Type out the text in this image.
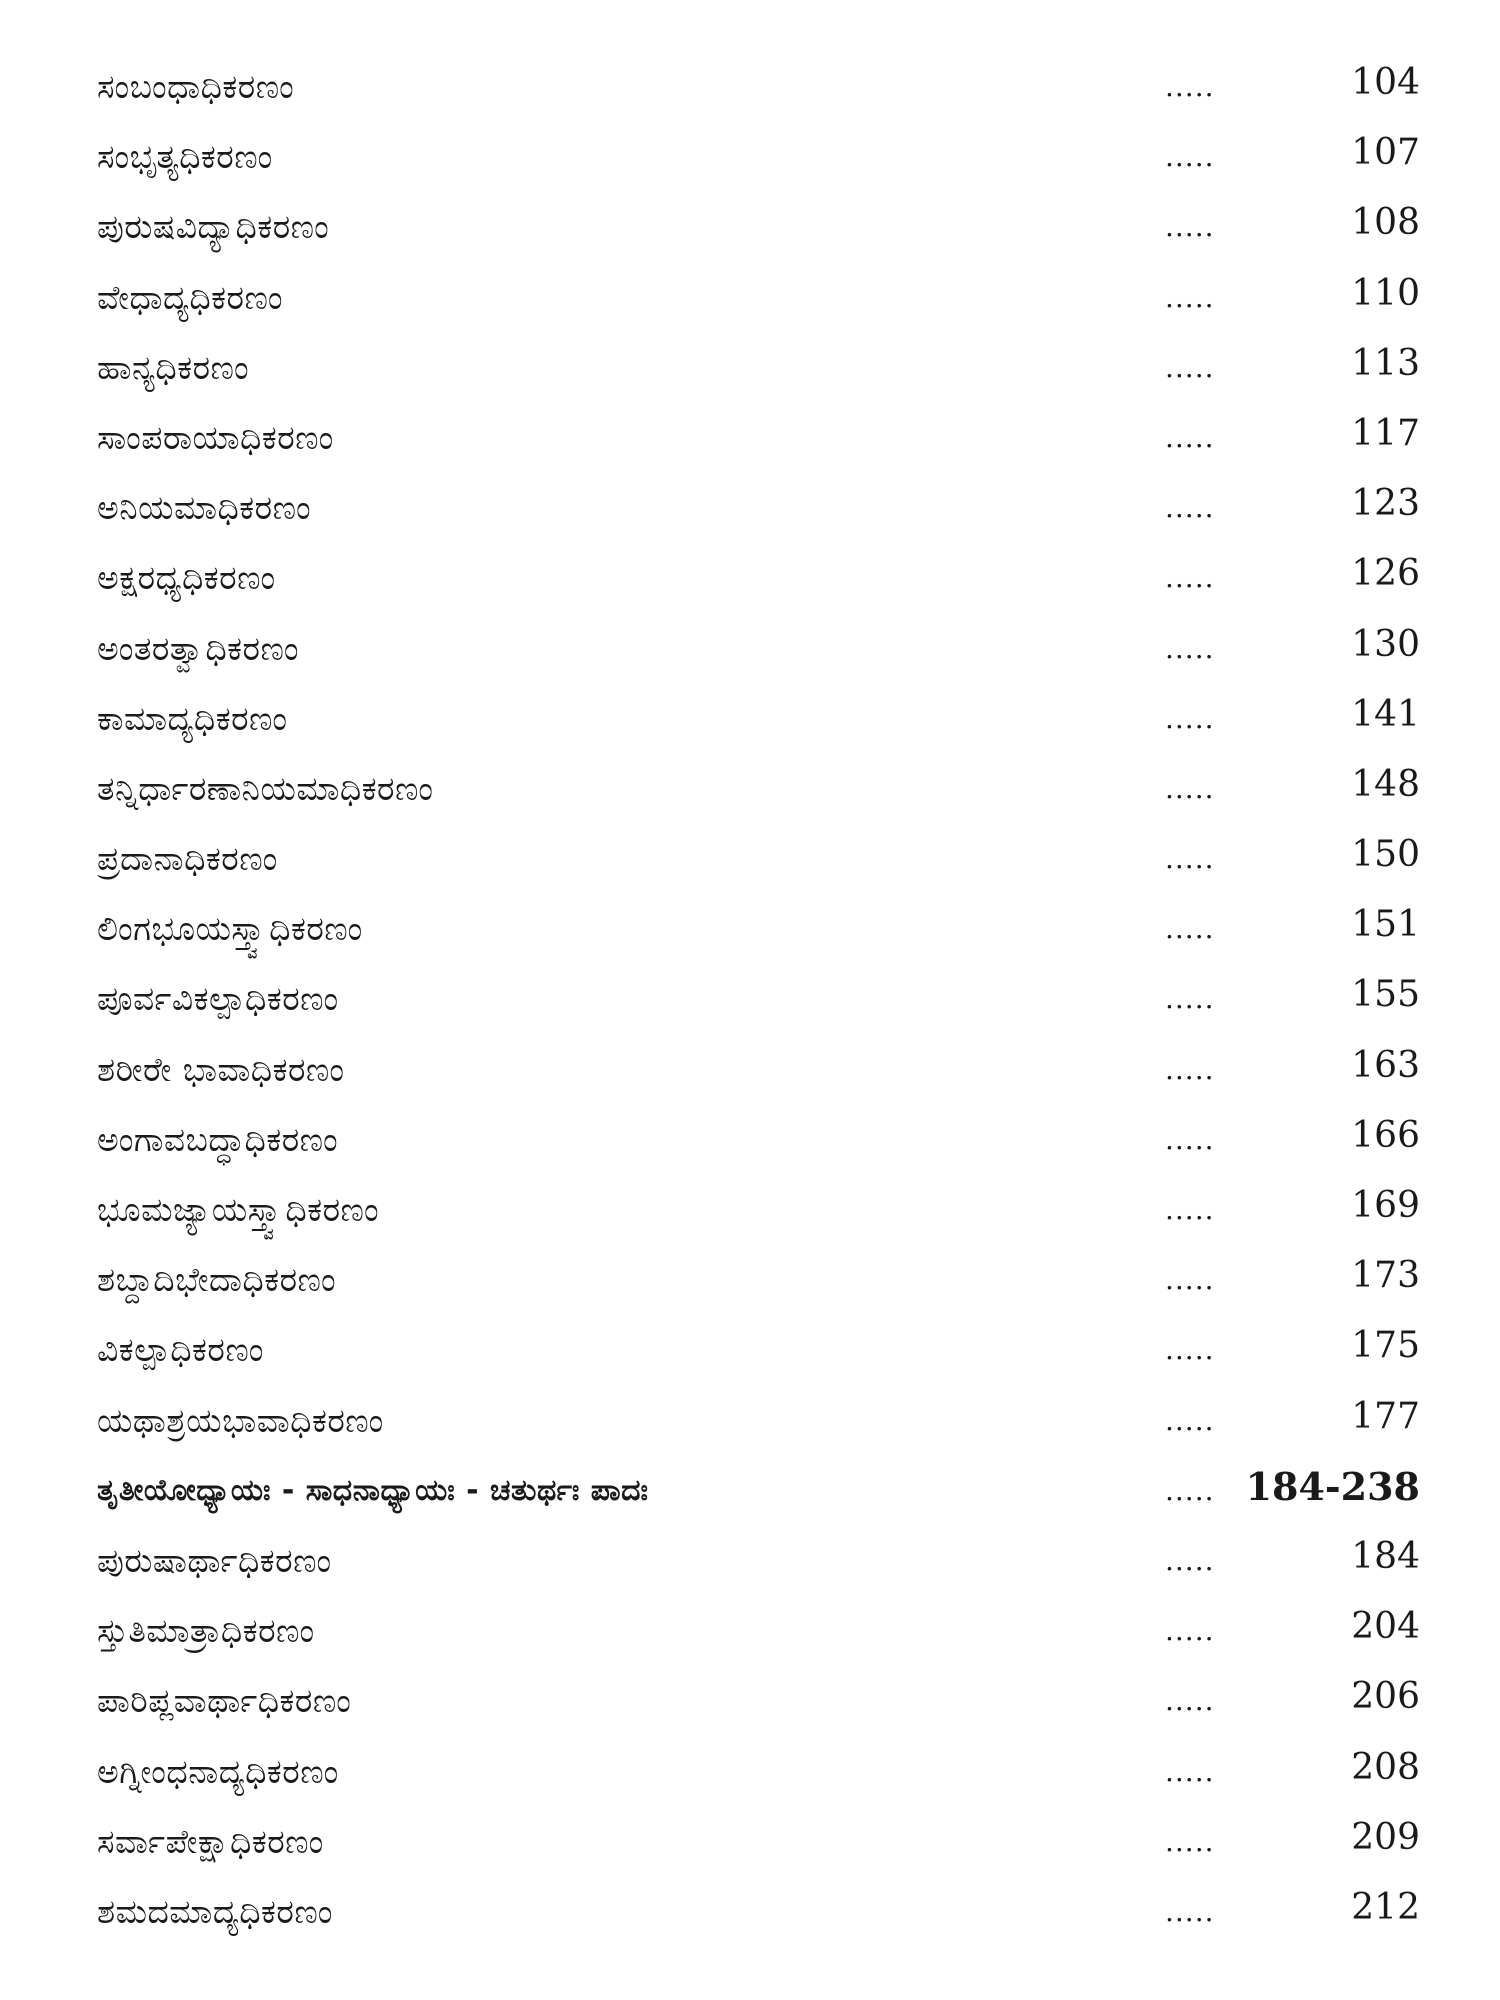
ಸಂಬಂಧಾಧಿಕರಣಂ	.....	104
ಸಂಭೃತ್ಯಧಿಕರಣಂ	.....	107
ಪುರುಷವಿದ್ಯಾಧಿಕರಣಂ	.....	108
ವೇಧಾದ್ಯಧಿಕರಣಂ	.....	110
ಹಾನ್ಯಧಿಕರಣಂ	.....	113
ಸಾಂಪರಾಯಾಧಿಕರಣಂ	.....	117
ಅನಿಯಮಾಧಿಕರಣಂ	.....	123
ಅಕ್ಷರಧ್ಯಧಿಕರಣಂ	.....	126
ಅಂತರತ್ವಾಧಿಕರಣಂ	.....	130
ಕಾಮಾದ್ಯಧಿಕರಣಂ	.....	141
ತನ್ನಿರ್ಧಾರಣಾನಿಯಮಾಧಿಕರಣಂ	.....	148
ಪ್ರದಾನಾಧಿಕರಣಂ	.....	150
ಲಿಂಗಭೂಯಸ್ತ್ವಾಧಿಕರಣಂ	.....	151
ಪೂರ್ವವಿಕಲ್ಪಾಧಿಕರಣಂ	.....	155
ಶರೀರೇ ಭಾವಾಧಿಕರಣಂ	.....	163
ಅಂಗಾವಬದ್ಧಾಧಿಕರಣಂ	.....	166
ಭೂಮಜ್ಯಾಯಸ್ತ್ವಾಧಿಕರಣಂ	.....	169
ಶಬ್ದಾದಿಭೇದಾಧಿಕರಣಂ	.....	173
ವಿಕಲ್ಪಾಧಿಕರಣಂ	.....	175
ಯಥಾಶ್ರಯಭಾವಾಧಿಕರಣಂ	.....	177
ತೃತೀಯೋಧ್ಯಾಯಃ - ಸಾಧನಾಧ್ಯಾಯಃ - ಚತುರ್ಥಃ ಪಾದಃ	..... 184-238
ಪುರುಷಾರ್ಥಾಧಿಕರಣಂ	.....	184
ಸ್ತುತಿಮಾತ್ರಾಧಿಕರಣಂ	.....	204
ಪಾರಿಪ್ಲವಾರ್ಥಾಧಿಕರಣಂ	.....	206
ಅಗ್ನೀಂಧನಾದ್ಯಧಿಕರಣಂ	.....	208
ಸರ್ವಾಪೇಕ್ಷಾಧಿಕರಣಂ	.....	209
ಶಮದಮಾದ್ಯಧಿಕರಣಂ	.....	212
